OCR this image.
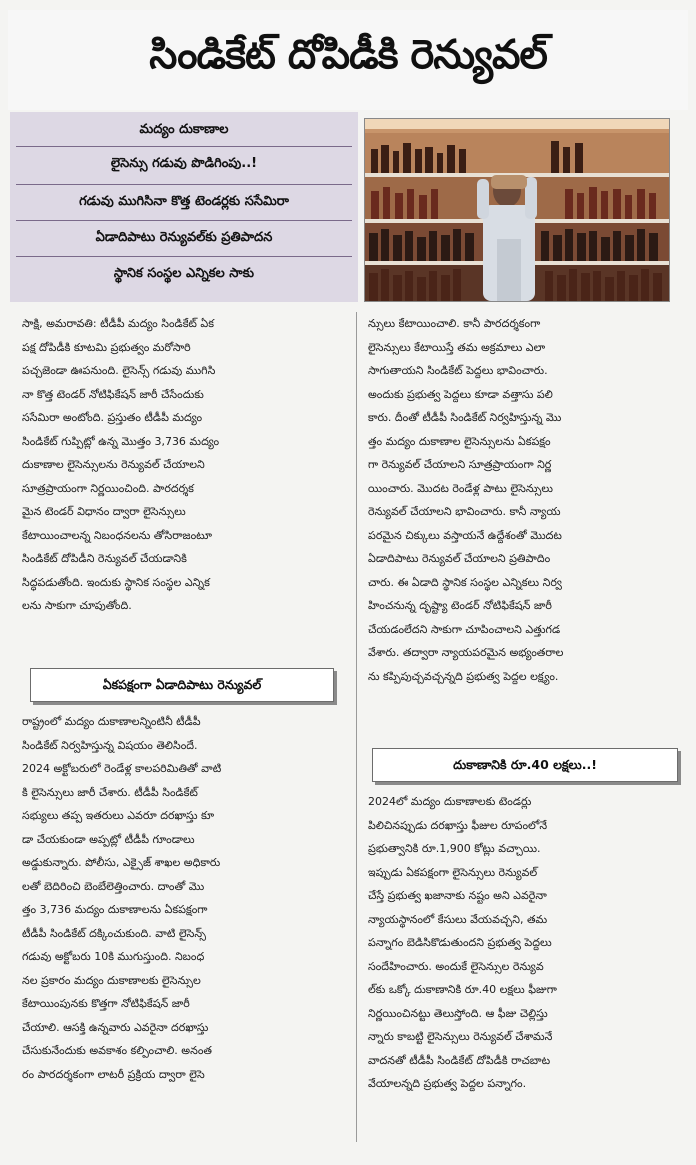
సిండికేట్ దోపిడీకి రెన్యువల్
మద్యం దుకాణాల
లైసెన్సు గడువు పొడిగింపు..!
గడువు ముగిసినా కొత్త టెండర్లకు ససేమిరా
ఏడాదిపాటు రెన్యువల్‌కు ప్రతిపాదన
స్థానిక సంస్థల ఎన్నికల సాకు
సాక్షి, అమరావతి: టీడీపీ మద్యం సిండికేట్ ఏక
పక్ష దోపిడీకి కూటమి ప్రభుత్వం మరోసారి
పచ్చజెండా ఊపనుంది. లైసెన్స్ గడువు ముగిసి
నా కొత్త టెండర్ నోటిఫికేషన్ జారీ చేసేందుకు
ససేమిరా అంటోంది. ప్రస్తుతం టీడీపీ మద్యం
సిండికేట్ గుప్పిట్లో ఉన్న మొత్తం 3,736 మద్యం
దుకాణాల లైసెన్సులను రెన్యువల్ చేయాలని
సూత్రప్రాయంగా నిర్ణయించింది. పారదర్శక
మైన టెండర్ విధానం ద్వారా లైసెన్సులు
కేటాయించాలన్న నిబంధనలను తోసిరాజంటూ
సిండికేట్ దోపిడీని రెన్యువల్ చేయడానికి
సిద్ధపడుతోంది. ఇందుకు స్థానిక సంస్థల ఎన్నిక
లను సాకుగా చూపుతోంది.
ఏకపక్షంగా ఏడాదిపాటు రెన్యువల్
రాష్ట్రంలో మద్యం దుకాణాలన్నింటినీ టీడీపీ
సిండికేట్ నిర్వహిస్తున్న విషయం తెలిసిందే.
2024 అక్టోబరులో రెండేళ్ల కాలపరిమితితో వాటి
కి లైసెన్సులు జారీ చేశారు. టీడీపీ సిండికేట్
సభ్యులు తప్ప ఇతరులు ఎవరూ దరఖాస్తు కూ
డా చేయకుండా అప్పట్లో టీడీపీ గూండాలు
అడ్డుకున్నారు. పోలీసు, ఎక్సైజ్ శాఖల అధికారు
లతో బెదిరించి బెంబేలెత్తించారు. దాంతో మొ
త్తం 3,736 మద్యం దుకాణాలను ఏకపక్షంగా
టీడీపీ సిండికేట్ దక్కించుకుంది. వాటి లైసెన్స్
గడువు అక్టోబరు 10కి ముగుస్తుంది. నిబంధ
నల ప్రకారం మద్యం దుకాణాలకు లైసెన్సుల
కేటాయింపునకు కొత్తగా నోటిఫికేషన్ జారీ
చేయాలి. ఆసక్తి ఉన్నవారు ఎవరైనా దరఖాస్తు
చేసుకునేందుకు అవకాశం కల్పించాలి. అనంత
రం పారదర్శకంగా లాటరీ ప్రక్రియ ద్వారా లైసె
న్సులు కేటాయించాలి. కానీ పారదర్శకంగా
లైసెన్సులు కేటాయిస్తే తమ అక్రమాలు ఎలా
సాగుతాయని సిండికేట్ పెద్దలు భావించారు.
అందుకు ప్రభుత్వ పెద్దలు కూడా వత్తాసు పలి
కారు. దీంతో టీడీపీ సిండికేట్ నిర్వహిస్తున్న మొ
త్తం మద్యం దుకాణాల లైసెన్సులను ఏకపక్షం
గా రెన్యువల్ చేయాలని సూత్రప్రాయంగా నిర్ణ
యించారు. మొదట రెండేళ్ల పాటు లైసెన్సులు
రెన్యువల్ చేయాలని భావించారు. కానీ న్యాయ
పరమైన చిక్కులు వస్తాయనే ఉద్దేశంతో మొదట
ఏడాదిపాటు రెన్యువల్ చేయాలని ప్రతిపాదిం
చారు. ఈ ఏడాది స్థానిక సంస్థల ఎన్నికలు నిర్వ
హించనున్న దృష్ట్యా టెండర్ నోటిఫికేషన్ జారీ
చేయడంలేదని సాకుగా చూపించాలని ఎత్తుగడ
వేశారు. తద్వారా న్యాయపరమైన అభ్యంతరాల
ను కప్పిపుచ్చవచ్చన్నది ప్రభుత్వ పెద్దల లక్ష్యం.
దుకాణానికి రూ.40 లక్షలు..!
2024లో మద్యం దుకాణాలకు టెండర్లు
పిలిచినప్పుడు దరఖాస్తు ఫీజుల రూపంలోనే
ప్రభుత్వానికి రూ.1,900 కోట్లు వచ్చాయి.
ఇప్పుడు ఏకపక్షంగా లైసెన్సులు రెన్యువల్
చేస్తే ప్రభుత్వ ఖజానాకు నష్టం అని ఎవరైనా
న్యాయస్థానంలో కేసులు వేయవచ్చని, తమ
పన్నాగం బెడిసికొడుతుందని ప్రభుత్వ పెద్దలు
సందేహించారు. అందుకే లైసెన్సుల రెన్యువ
ల్‌కు ఒక్కో దుకాణానికి రూ.40 లక్షలు ఫీజుగా
నిర్ణయించినట్టు తెలుస్తోంది. ఆ ఫీజు చెల్లిస్తు
న్నారు కాబట్టి లైసెన్సులు రెన్యువల్ చేశామనే
వాదనతో టీడీపీ సిండికేట్ దోపిడీకి రాచబాట
వేయాలన్నది ప్రభుత్వ పెద్దల పన్నాగం.
